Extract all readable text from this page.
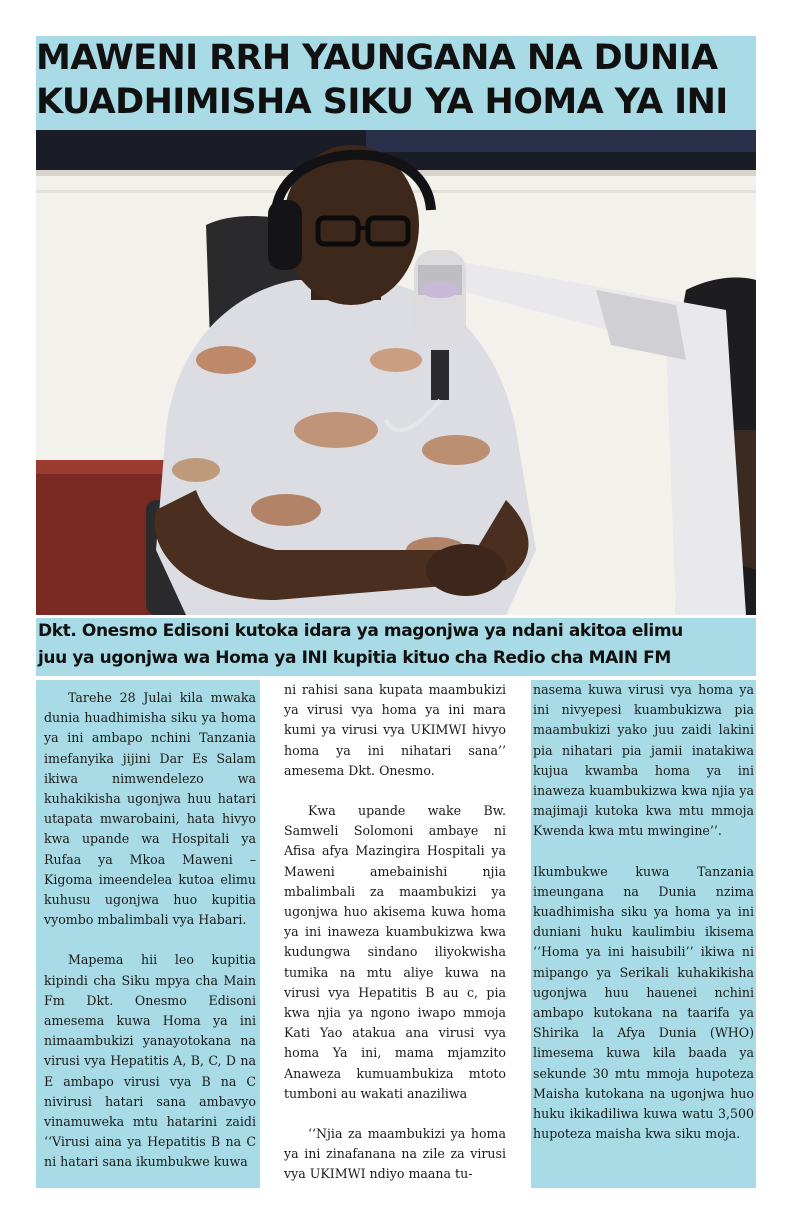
MAWENI RRH YAUNGANA NA DUNIA
KUADHIMISHA SIKU YA HOMA YA INI
Dkt. Onesmo Edisoni kutoka idara ya magonjwa ya ndani akitoa elimu
juu ya ugonjwa wa Homa ya INI kupitia kituo cha Redio cha MAIN FM

Tarehe 28 Julai kila mwaka dunia huadhimisha siku ya homa ya ini ambapo nchini Tanzania imefanyika jijini Dar Es Salam ikiwa nimwendelezo wa kuhakikisha ugonjwa huu hatari utapata mwarobaini, hata hivyo kwa upande wa Hospitali ya Rufaa ya Mkoa Maweni – Kigoma imeendelea kutoa elimu kuhusu ugonjwa huo kupitia vyombo mbalimbali vya Habari.

Mapema hii leo kupitia kipindi cha Siku mpya cha Main Fm Dkt. Onesmo Edisoni amesema kuwa Homa ya ini nimaambukizi yanayotokana na virusi vya Hepatitis A, B, C, D na E ambapo virusi vya B na C nivirusi hatari sana ambavyo vinamuweka mtu hatarini zaidi ‘‘Virusi aina ya Hepatitis B na C ni hatari sana ikumbukwe kuwa

ni rahisi sana kupata maambukizi ya virusi vya homa ya ini mara kumi ya virusi vya UKIMWI hivyo homa ya ini nihatari sana’’ amesema Dkt. Onesmo.

Kwa upande wake Bw. Samweli Solomoni ambaye ni Afisa afya Mazingira Hospitali ya Maweni amebainishi njia mbalimbali za maambukizi ya ugonjwa huo akisema kuwa homa ya ini inaweza kuambukizwa kwa kudungwa sindano iliyokwisha tumika na mtu aliye kuwa na virusi vya Hepatitis B au c, pia kwa njia ya ngono iwapo mmoja Kati Yao atakua ana virusi vya homa Ya ini, mama mjamzito Anaweza kumuambukiza mtoto tumboni au wakati anaziliwa

‘‘Njia za maambukizi ya homa ya ini zinafanana na zile za virusi vya UKIMWI ndiyo maana tu-

nasema kuwa virusi vya homa ya ini nivyepesi kuambukizwa pia maambukizi yako juu zaidi lakini pia nihatari pia jamii inatakiwa kujua kwamba homa ya ini inaweza kuambukizwa kwa njia ya majimaji kutoka kwa mtu mmoja Kwenda kwa mtu mwingine’’.

Ikumbukwe kuwa Tanzania imeungana na Dunia nzima kuadhimisha siku ya homa ya ini duniani huku kaulimbiu ikisema ‘‘Homa ya ini haisubili’’ ikiwa ni mipango ya Serikali kuhakikisha ugonjwa huu hauenei nchini ambapo kutokana na taarifa ya Shirika la Afya Dunia (WHO) limesema kuwa kila baada ya sekunde 30 mtu mmoja hupoteza Maisha kutokana na ugonjwa huo huku ikikadiliwa kuwa watu 3,500 hupoteza maisha kwa siku moja.
